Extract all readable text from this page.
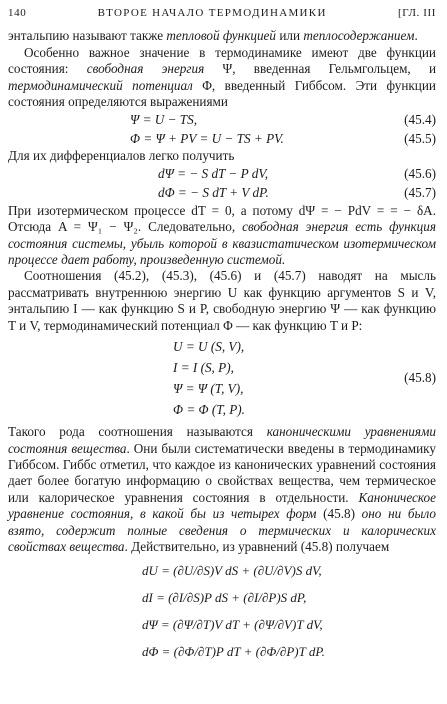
140	ВТОРОЕ НАЧАЛО ТЕРМОДИНАМИКИ	[ГЛ. III

энтальпию называют также тепловой функцией или теплосодержанием.

Особенно важное значение в термодинамике имеют две функции состояния: свободная энергия Ψ, введенная Гельмгольцем, и термодинамический потенциал Φ, введенный Гиббсом. Эти функции состояния определяются выражениями

Ψ = U − TS,	(45.4)
Φ = Ψ + PV = U − TS + PV.	(45.5)

Для их дифференциалов легко получить

dΨ = − S dT − P dV,	(45.6)
dΦ = − S dT + V dP.	(45.7)

При изотермическом процессе dT = 0, а потому dΨ = − PdV = = − δA. Отсюда A = Ψ₁ − Ψ₂. Следовательно, свободная энергия есть функция состояния системы, убыль которой в квазистатическом изотермическом процессе дает работу, произведенную системой.

Соотношения (45.2), (45.3), (45.6) и (45.7) наводят на мысль рассматривать внутреннюю энергию U как функцию аргументов S и V, энтальпию I — как функцию S и P, свободную энергию Ψ — как функцию T и V, термодинамический потенциал Φ — как функцию T и P:

U = U (S, V),
I = I (S, P),
Ψ = Ψ (T, V),
Φ = Φ (T, P).
(45.8)

Такого рода соотношения называются каноническими уравнениями состояния вещества. Они были систематически введены в термодинамику Гиббсом. Гиббс отметил, что каждое из канонических уравнений состояния дает более богатую информацию о свойствах вещества, чем термическое или калорическое уравнения состояния в отдельности. Каноническое уравнение состояния, в какой бы из четырех форм (45.8) оно ни было взято, содержит полные сведения о термических и калорических свойствах вещества. Действительно, из уравнений (45.8) получаем

dU = (∂U/∂S)V dS + (∂U/∂V)S dV,
dI = (∂I/∂S)P dS + (∂I/∂P)S dP,
dΨ = (∂Ψ/∂T)V dT + (∂Ψ/∂V)T dV,
dΦ = (∂Φ/∂T)P dT + (∂Φ/∂P)T dP.
